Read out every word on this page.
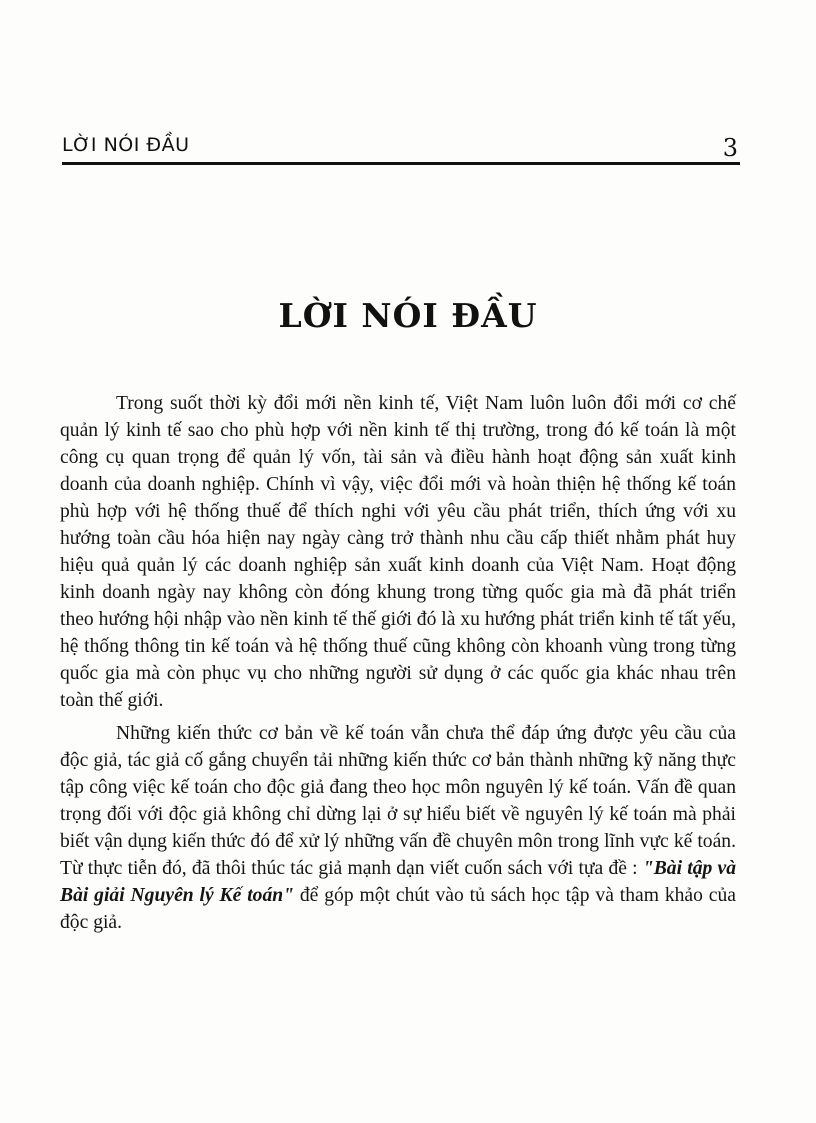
LỜI NÓI ĐẦU	3
LỜI NÓI ĐẦU

Trong suốt thời kỳ đổi mới nền kinh tế, Việt Nam luôn luôn đổi mới cơ chế quản lý kinh tế sao cho phù hợp với nền kinh tế thị trường, trong đó kế toán là một công cụ quan trọng để quản lý vốn, tài sản và điều hành hoạt động sản xuất kinh doanh của doanh nghiệp. Chính vì vậy, việc đổi mới và hoàn thiện hệ thống kế toán phù hợp với hệ thống thuế để thích nghi với yêu cầu phát triển, thích ứng với xu hướng toàn cầu hóa hiện nay ngày càng trở thành nhu cầu cấp thiết nhằm phát huy hiệu quả quản lý các doanh nghiệp sản xuất kinh doanh của Việt Nam. Hoạt động kinh doanh ngày nay không còn đóng khung trong từng quốc gia mà đã phát triển theo hướng hội nhập vào nền kinh tế thế giới đó là xu hướng phát triển kinh tế tất yếu, hệ thống thông tin kế toán và hệ thống thuế cũng không còn khoanh vùng trong từng quốc gia mà còn phục vụ cho những người sử dụng ở các quốc gia khác nhau trên toàn thế giới.

Những kiến thức cơ bản về kế toán vẫn chưa thể đáp ứng được yêu cầu của độc giả, tác giả cố gắng chuyển tải những kiến thức cơ bản thành những kỹ năng thực tập công việc kế toán cho độc giả đang theo học môn nguyên lý kế toán. Vấn đề quan trọng đối với độc giả không chỉ dừng lại ở sự hiểu biết về nguyên lý kế toán mà phải biết vận dụng kiến thức đó để xử lý những vấn đề chuyên môn trong lĩnh vực kế toán. Từ thực tiễn đó, đã thôi thúc tác giả mạnh dạn viết cuốn sách với tựa đề : "Bài tập và Bài giải Nguyên lý Kế toán" để góp một chút vào tủ sách học tập và tham khảo của độc giả.
